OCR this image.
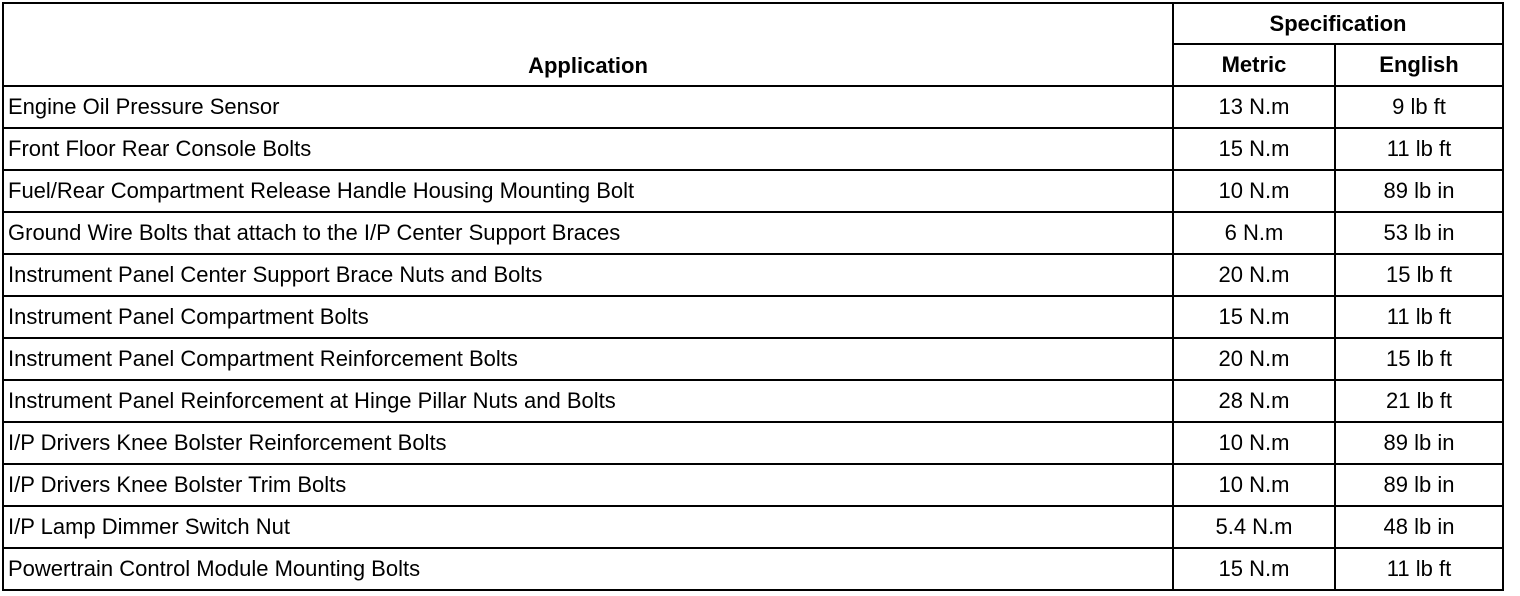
Application	Specification	
	Metric	English
Engine Oil Pressure Sensor	13 N.m	9 lb ft
Front Floor Rear Console Bolts	15 N.m	11 lb ft
Fuel/Rear Compartment Release Handle Housing Mounting Bolt	10 N.m	89 lb in
Ground Wire Bolts that attach to the I/P Center Support Braces	6 N.m	53 lb in
Instrument Panel Center Support Brace Nuts and Bolts	20 N.m	15 lb ft
Instrument Panel Compartment Bolts	15 N.m	11 lb ft
Instrument Panel Compartment Reinforcement Bolts	20 N.m	15 lb ft
Instrument Panel Reinforcement at Hinge Pillar Nuts and Bolts	28 N.m	21 lb ft
I/P Drivers Knee Bolster Reinforcement Bolts	10 N.m	89 lb in
I/P Drivers Knee Bolster Trim Bolts	10 N.m	89 lb in
I/P Lamp Dimmer Switch Nut	5.4 N.m	48 lb in
Powertrain Control Module Mounting Bolts	15 N.m	11 lb ft
